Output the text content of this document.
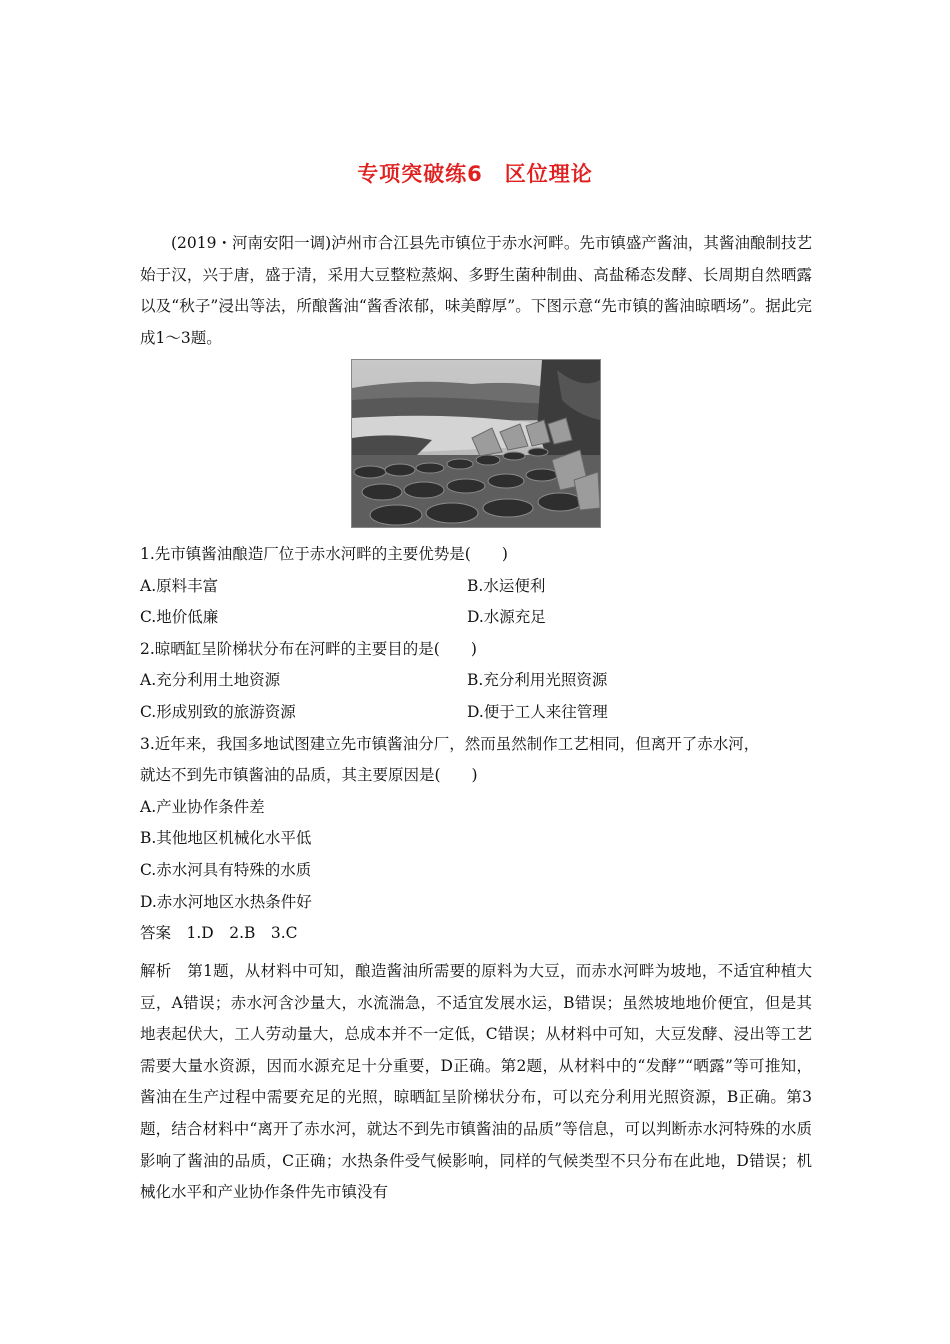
专项突破练6　区位理论
(2019・河南安阳一调)泸州市合江县先市镇位于赤水河畔。先市镇盛产酱油，其酱油酿制技艺始于汉，兴于唐，盛于清，采用大豆整粒蒸焖、多野生菌种制曲、高盐稀态发酵、长周期自然晒露以及“秋子”浸出等法，所酿酱油“酱香浓郁，味美醇厚”。下图示意“先市镇的酱油晾晒场”。据此完成1～3题。
1.先市镇酱油酿造厂位于赤水河畔的主要优势是(　　)
A.原料丰富	B.水运便利
C.地价低廉	D.水源充足
2.晾晒缸呈阶梯状分布在河畔的主要目的是(　　)
A.充分利用土地资源	B.充分利用光照资源
C.形成别致的旅游资源	D.便于工人来往管理
3.近年来，我国多地试图建立先市镇酱油分厂，然而虽然制作工艺相同，但离开了赤水河，
就达不到先市镇酱油的品质，其主要原因是(　　)
A.产业协作条件差
B.其他地区机械化水平低
C.赤水河具有特殊的水质
D.赤水河地区水热条件好
答案　1.D　2.B　3.C
解析　第1题，从材料中可知，酿造酱油所需要的原料为大豆，而赤水河畔为坡地，不适宜种植大豆，A错误；赤水河含沙量大，水流湍急，不适宜发展水运，B错误；虽然坡地地价便宜，但是其地表起伏大，工人劳动量大，总成本并不一定低，C错误；从材料中可知，大豆发酵、浸出等工艺需要大量水资源，因而水源充足十分重要，D正确。第2题，从材料中的“发酵”“晒露”等可推知，酱油在生产过程中需要充足的光照，晾晒缸呈阶梯状分布，可以充分利用光照资源，B正确。第3题，结合材料中“离开了赤水河，就达不到先市镇酱油的品质”等信息，可以判断赤水河特殊的水质影响了酱油的品质，C正确；水热条件受气候影响，同样的气候类型不只分布在此地，D错误；机械化水平和产业协作条件先市镇没有
